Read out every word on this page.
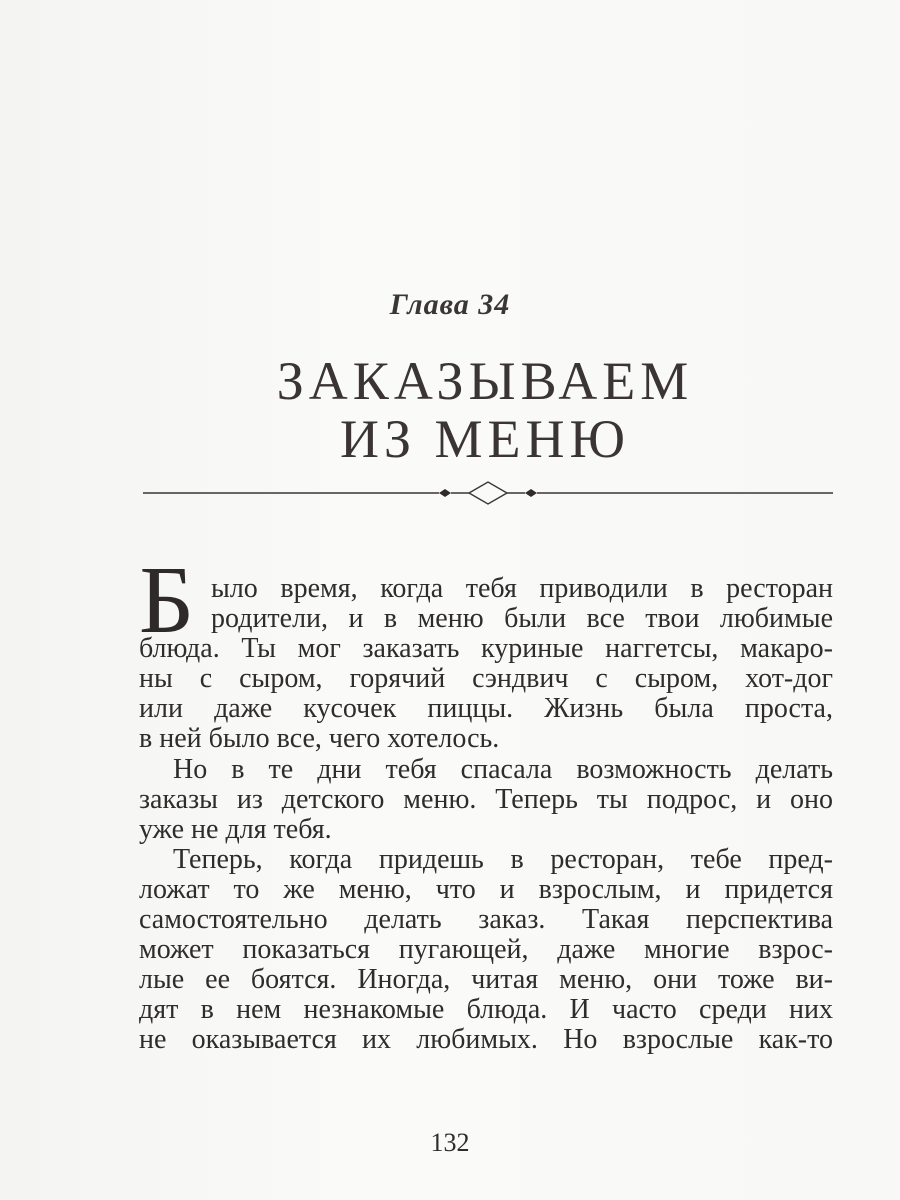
Глава 34
ЗАКАЗЫВАЕМ
ИЗ МЕНЮ
Б ыло время, когда тебя приводили в ресторан
родители, и в меню были все твои любимые
блюда. Ты мог заказать куриные наггетсы, макаро-
ны с сыром, горячий сэндвич с сыром, хот-дог
или даже кусочек пиццы. Жизнь была проста,
в ней было все, чего хотелось.
Но в те дни тебя спасала возможность делать
заказы из детского меню. Теперь ты подрос, и оно
уже не для тебя.
Теперь, когда придешь в ресторан, тебе пред-
ложат то же меню, что и взрослым, и придется
самостоятельно делать заказ. Такая перспектива
может показаться пугающей, даже многие взрос-
лые ее боятся. Иногда, читая меню, они тоже ви-
дят в нем незнакомые блюда. И часто среди них
не оказывается их любимых. Но взрослые как-то
132
